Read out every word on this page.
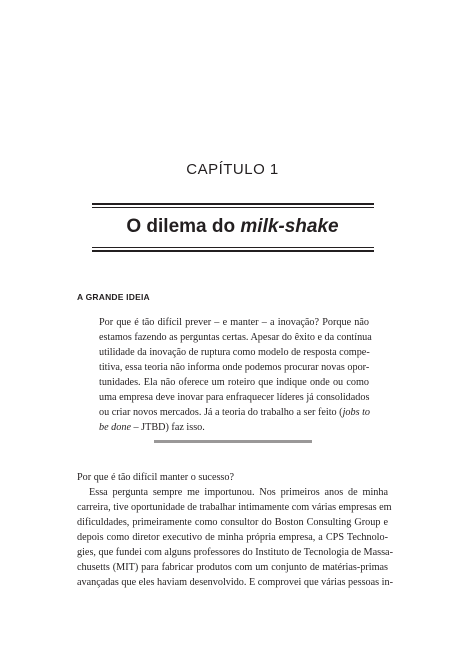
CAPÍTULO 1
O dilema do milk-shake
A GRANDE IDEIA
Por que é tão difícil prever – e manter – a inovação? Porque não
estamos fazendo as perguntas certas. Apesar do êxito e da contínua
utilidade da inovação de ruptura como modelo de resposta compe-
titiva, essa teoria não informa onde podemos procurar novas opor-
tunidades. Ela não oferece um roteiro que indique onde ou como
uma empresa deve inovar para enfraquecer líderes já consolidados
ou criar novos mercados. Já a teoria do trabalho a ser feito (jobs to
be done – JTBD) faz isso.
Por que é tão difícil manter o sucesso?
Essa pergunta sempre me importunou. Nos primeiros anos de minha
carreira, tive oportunidade de trabalhar intimamente com várias empresas em
dificuldades, primeiramente como consultor do Boston Consulting Group e
depois como diretor executivo de minha própria empresa, a CPS Technolo-
gies, que fundei com alguns professores do Instituto de Tecnologia de Massa-
chusetts (MIT) para fabricar produtos com um conjunto de matérias-primas
avançadas que eles haviam desenvolvido. E comprovei que várias pessoas in-
